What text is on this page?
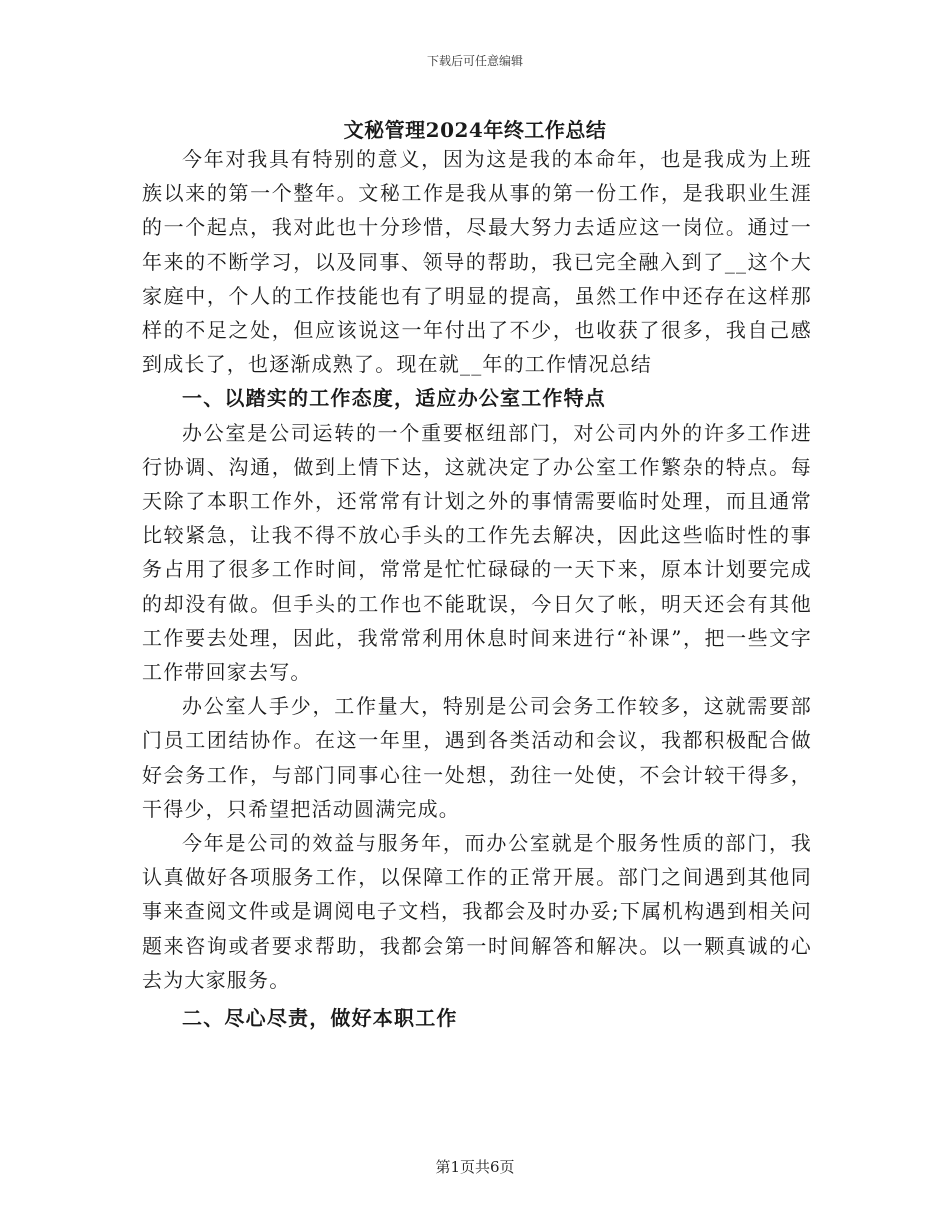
下载后可任意编辑
文秘管理2024年终工作总结

今年对我具有特别的意义，因为这是我的本命年，也是我成为上班族以来的第一个整年。文秘工作是我从事的第一份工作，是我职业生涯的一个起点，我对此也十分珍惜，尽最大努力去适应这一岗位。通过一年来的不断学习，以及同事、领导的帮助，我已完全融入到了__这个大家庭中，个人的工作技能也有了明显的提高，虽然工作中还存在这样那样的不足之处，但应该说这一年付出了不少，也收获了很多，我自己感到成长了，也逐渐成熟了。现在就__年的工作情况总结

一、以踏实的工作态度，适应办公室工作特点

办公室是公司运转的一个重要枢纽部门，对公司内外的许多工作进行协调、沟通，做到上情下达，这就决定了办公室工作繁杂的特点。每天除了本职工作外，还常常有计划之外的事情需要临时处理，而且通常比较紧急，让我不得不放心手头的工作先去解决，因此这些临时性的事务占用了很多工作时间，常常是忙忙碌碌的一天下来，原本计划要完成的却没有做。但手头的工作也不能耽误，今日欠了帐，明天还会有其他工作要去处理，因此，我常常利用休息时间来进行“补课”，把一些文字工作带回家去写。

办公室人手少，工作量大，特别是公司会务工作较多，这就需要部门员工团结协作。在这一年里，遇到各类活动和会议，我都积极配合做好会务工作，与部门同事心往一处想，劲往一处使，不会计较干得多，干得少，只希望把活动圆满完成。

今年是公司的效益与服务年，而办公室就是个服务性质的部门，我认真做好各项服务工作，以保障工作的正常开展。部门之间遇到其他同事来查阅文件或是调阅电子文档，我都会及时办妥;下属机构遇到相关问题来咨询或者要求帮助，我都会第一时间解答和解决。以一颗真诚的心去为大家服务。

二、尽心尽责，做好本职工作

第1页共6页
